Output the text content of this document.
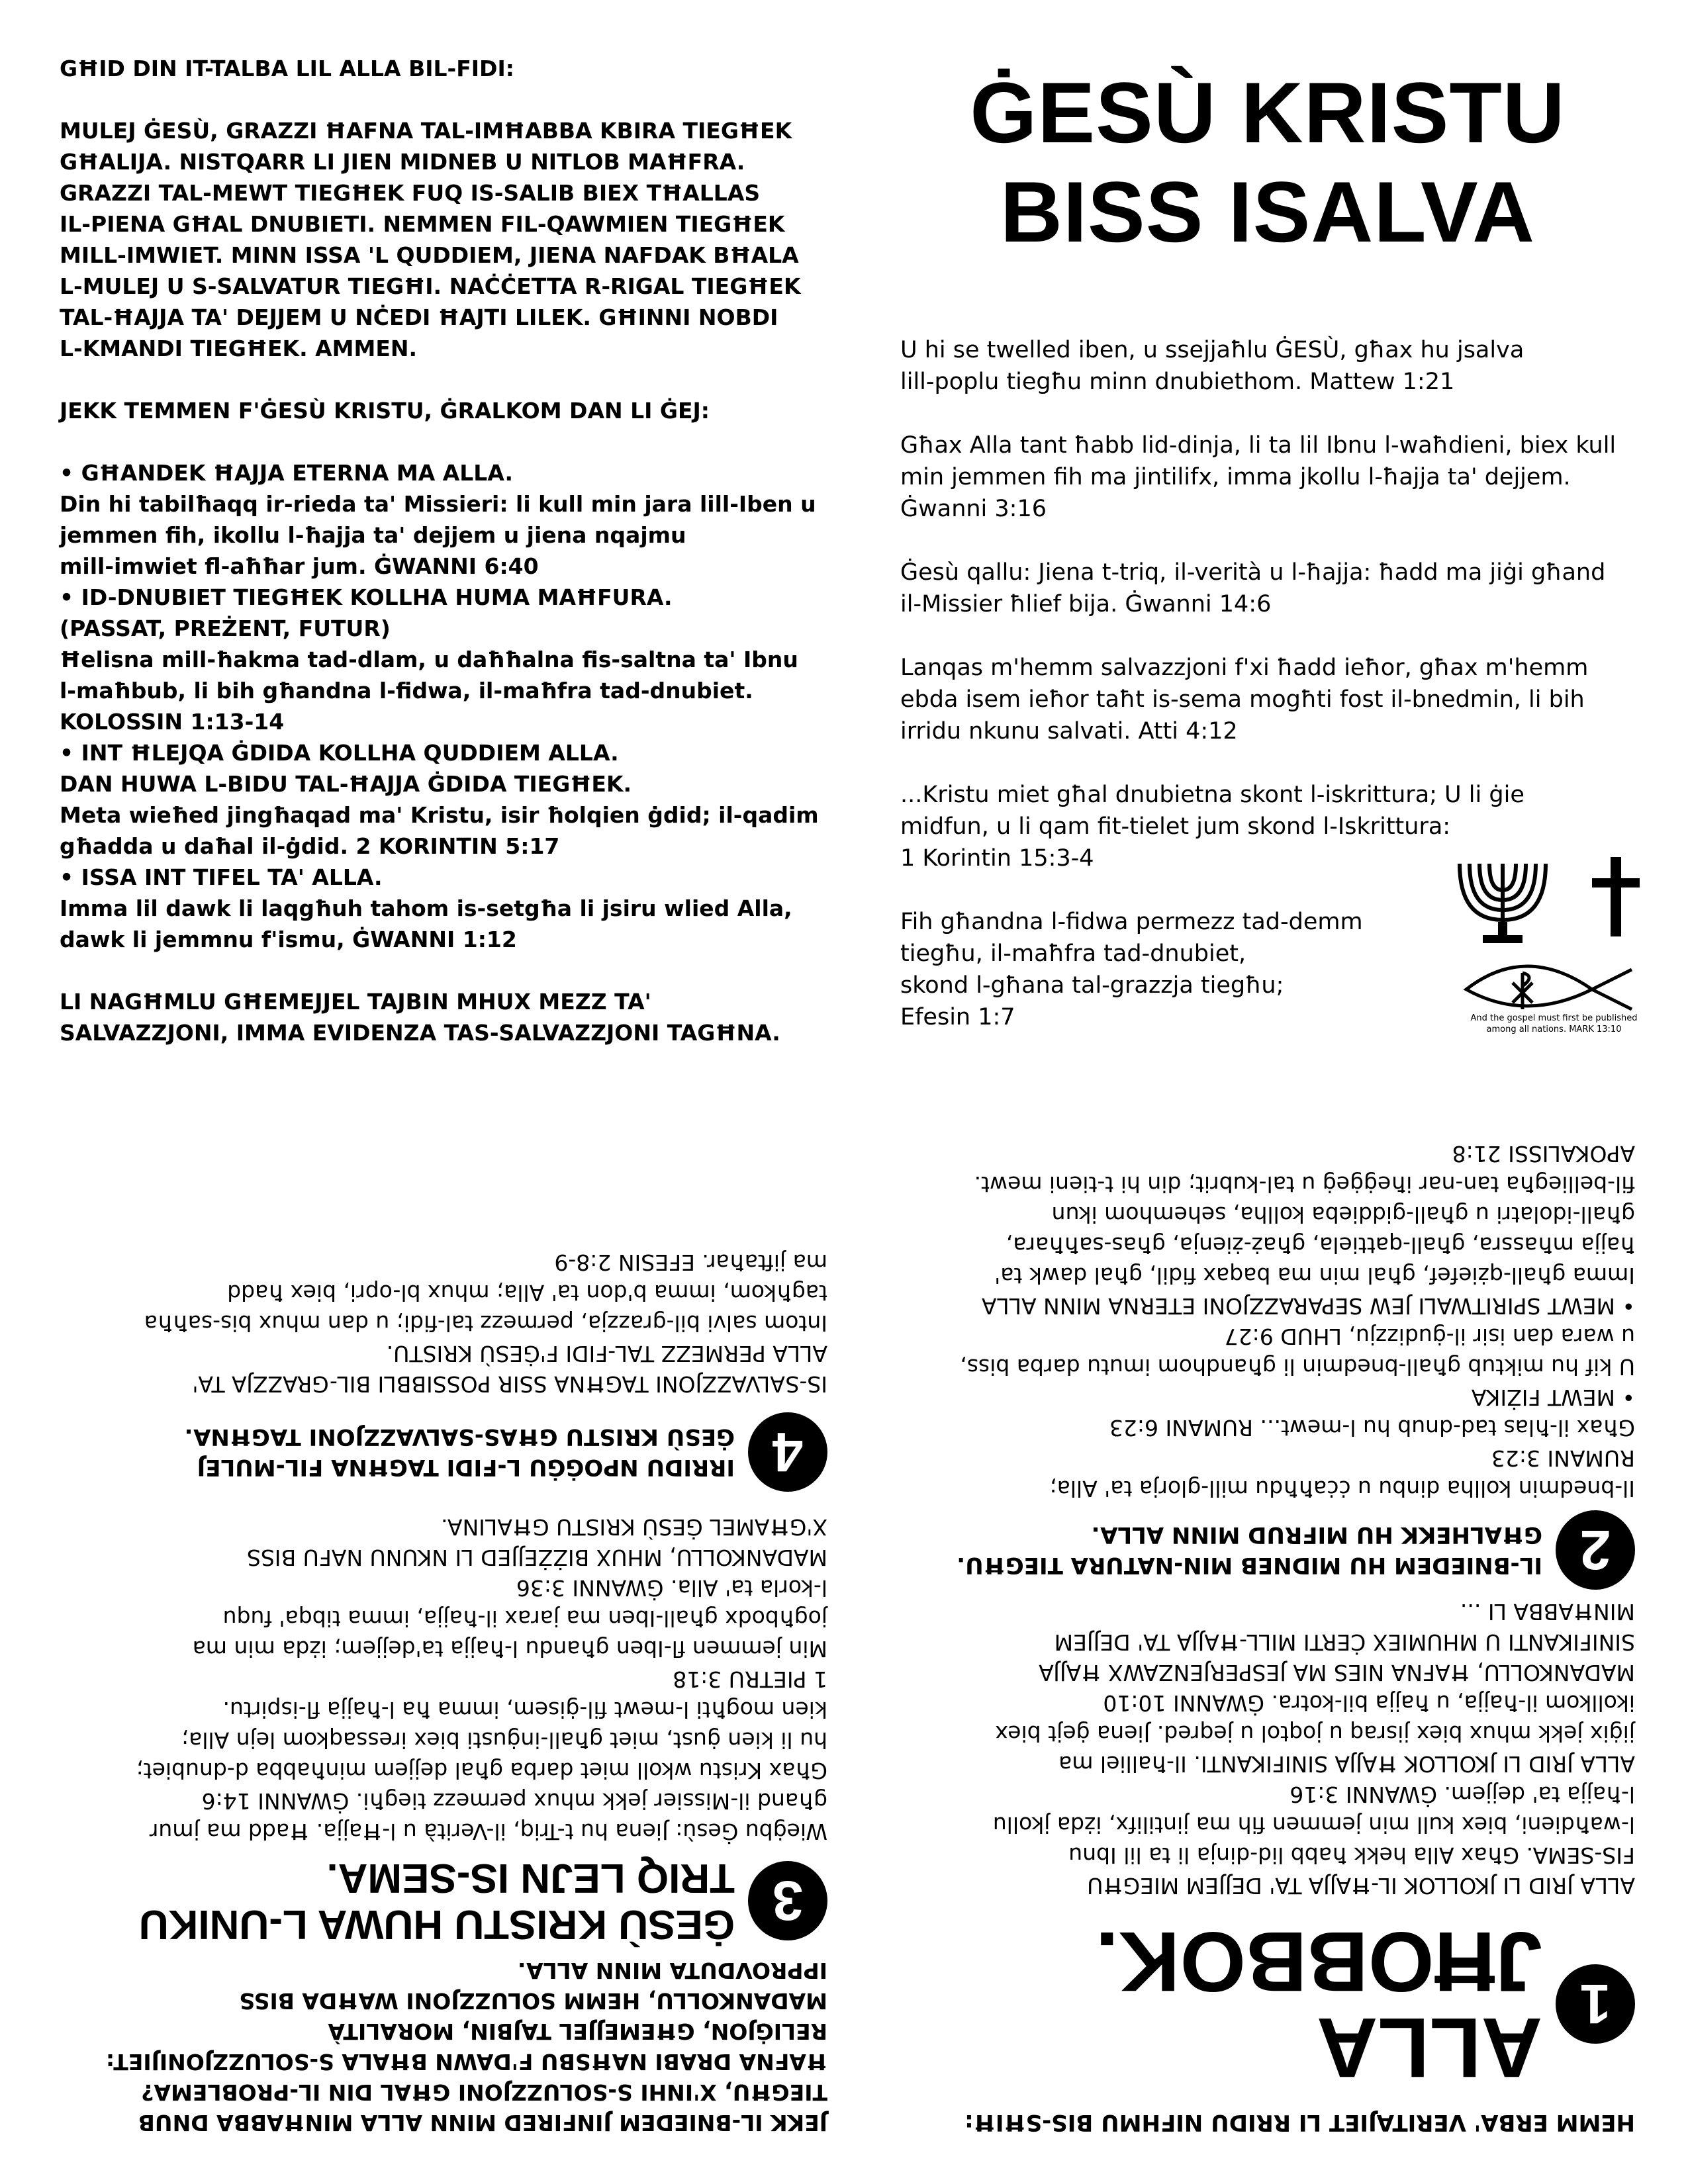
GĦID DIN IT-TALBA LIL ALLA BIL-FIDI:

MULEJ ĠESÙ, GRAZZI ĦAFNA TAL-IMĦABBA KBIRA TIEGĦEK
GĦALIJA. NISTQARR LI JIEN MIDNEB U NITLOB MAĦFRA.
GRAZZI TAL-MEWT TIEGĦEK FUQ IS-SALIB BIEX TĦALLAS
IL-PIENA GĦAL DNUBIETI. NEMMEN FIL-QAWMIEN TIEGĦEK
MILL-IMWIET. MINN ISSA 'L QUDDIEM, JIENA NAFDAK BĦALA
L-MULEJ U S-SALVATUR TIEGĦI. NAĊĊETTA R-RIGAL TIEGĦEK
TAL-ĦAJJA TA' DEJJEM U NĊEDI ĦAJTI LILEK. GĦINNI NOBDI
L-KMANDI TIEGĦEK. AMMEN.

JEKK TEMMEN F'ĠESÙ KRISTU, ĠRALKOM DAN LI ĠEJ:

• GĦANDEK ĦAJJA ETERNA MA ALLA.
Din hi tabilħaqq ir-rieda ta' Missieri: li kull min jara lill-Iben u
jemmen fih, ikollu l-ħajja ta' dejjem u jiena nqajmu
mill-imwiet fl-aħħar jum. ĠWANNI 6:40
• ID-DNUBIET TIEGĦEK KOLLHA HUMA MAĦFURA.
(PASSAT, PREŻENT, FUTUR)
Ħelisna mill-ħakma tad-dlam, u daħħalna fis-saltna ta' Ibnu
l-maħbub, li bih għandna l-fidwa, il-maħfra tad-dnubiet.
KOLOSSIN 1:13-14
• INT ĦLEJQA ĠDIDA KOLLHA QUDDIEM ALLA.
DAN HUWA L-BIDU TAL-ĦAJJA ĠDIDA TIEGĦEK.
Meta wieħed jingħaqad ma' Kristu, isir ħolqien ġdid; il-qadim
għadda u daħal il-ġdid. 2 KORINTIN 5:17
• ISSA INT TIFEL TA' ALLA.
Imma lil dawk li laqgħuh tahom is-setgħa li jsiru wlied Alla,
dawk li jemmnu f'ismu, ĠWANNI 1:12

LI NAGĦMLU GĦEMEJJEL TAJBIN MHUX MEZZ TA'
SALVAZZJONI, IMMA EVIDENZA TAS-SALVAZZJONI TAGĦNA.

ĠESÙ KRISTU
BISS ISALVA

U hi se twelled iben, u ssejjaħlu ĠESÙ, għax hu jsalva
lill-poplu tiegħu minn dnubiethom. Mattew 1:21

Għax Alla tant ħabb lid-dinja, li ta lil Ibnu l-waħdieni, biex kull
min jemmen fih ma jintilifx, imma jkollu l-ħajja ta' dejjem.
Ġwanni 3:16

Ġesù qallu: Jiena t-triq, il-verità u l-ħajja: ħadd ma jiġi għand
il-Missier ħlief bija. Ġwanni 14:6

Lanqas m'hemm salvazzjoni f'xi ħadd ieħor, għax m'hemm
ebda isem ieħor taħt is-sema mogħti fost il-bnedmin, li bih
irridu nkunu salvati. Atti 4:12

...Kristu miet għal dnubietna skont l-iskrittura; U li ġie
midfun, u li qam fit-tielet jum skond l-Iskrittura:
1 Korintin 15:3-4

Fih għandna l-fidwa permezz tad-demm
tiegħu, il-maħfra tad-dnubiet,
skond l-għana tal-grazzja tiegħu;
Efesin 1:7	And the gospel must first be published
among all nations. MARK 13:10

HEMM ERBA' VERITAJIET LI RRIDU NIFHMU BIS-SĦIĦ:

1
ALLA JĦOBBOK.

ALLA JRID LI JKOLLOK IL-ĦAJJA TA' DEJJEM MIEGĦU
FIS-SEMA. Għax Alla hekk ħabb lid-dinja li ta lil Ibnu
l-waħdieni, biex kull min jemmen fih ma jintilifx, iżda jkollu
l-ħajja ta' dejjem. ĠWANNI 3:16
ALLA JRID LI JKOLLOK ĦAJJA SINIFIKANTI. Il-ħalliel ma
jiġix jekk mhux biex jisraq u joqtol u jeqred. Jiena ġejt biex
ikollkom il-ħajja, u ħajja bil-kotra. ĠWANNI 10:10
MADANKOLLU, ĦAFNA NIES MA JESPERJENZAWX ĦAJJA
SINIFIKANTI U MHUMIEX ĊERTI MILL-ĦAJJA TA' DEJJEM
MINĦABBA LI ...

2
IL-BNIEDEM HU MIDNEB MIN-NATURA TIEGĦU.
GĦALHEKK HU MIFRUD MINN ALLA.

Il-bnedmin kollha dinbu u ċċaħħdu mill-glorja ta' Alla;
RUMANI 3:23
Għax il-ħlas tad-dnub hu l-mewt... RUMANI 6:23
• MEWT FIŻIKA
U kif hu miktub għall-bnedmin li għandhom imutu darba biss,
u wara dan isir il-ġudizzju, LHUD 9:27
• MEWT SPIRITWALI JEW SEPARAZZJONI ETERNA MINN ALLA
Imma għall-qżiefef, għal min ma baqax fidil, għal dawk ta'
ħajja mħassra, għall-qattiela, għaż-żienja, għas-saħħara,
għall-idolatri u għall-giddieba kollha, sehemhom ikun
fil-belliegħa tan-nar iħeġġeġ u tal-kubrit; din hi t-tieni mewt.
APOKALISSI 21:8

JEKK IL-BNIEDEM JINFIRED MINN ALLA MINĦABBA DNUB
TIEGĦU, X'INHI S-SOLUZZJONI GĦAL DIN IL-PROBLEMA?
ĦAFNA DRABI NAĦSBU F'DAWN BĦALA S-SOLUZZJONIJIET:
RELIĠJON, GĦEMEJJEL TAJBIN, MORALITÀ
MADANKOLLU, HEMM SOLUZZJONI WAĦDA BISS
IPPROVDUTA MINN ALLA.

3
ĠESÙ KRISTU HUWA L-UNIKU
TRIQ LEJN IS-SEMA.

Wieġbu Ġesù: Jiena hu t-Triq, il-Verità u l-Ħajja. Ħadd ma jmur
għand il-Missier jekk mhux permezz tiegħi. ĠWANNI 14:6
Għax Kristu wkoll miet darba għal dejjem minħabba d-dnubiet;
hu li kien ġust, miet għall-inġusti biex iressaqkom lejn Alla;
kien mogħti l-mewt fil-ġisem, imma ħa l-ħajja fl-ispirtu.
1 PIETRU 3:18
Min jemmen fl-Iben għandu l-ħajja ta'dejjem; iżda min ma
jogħbodx għall-Iben ma jarax il-ħajja, imma tibqa' fuqu
l-korla ta' Alla. ĠWANNI 3:36
MADANKOLLU, MHUX BIŻŻEJJED LI NKUNU NAFU BISS
X'GĦAMEL ĠESÙ KRISTU GĦALINA.

4
IRRIDU NPOĠĠU L-FIDI TAGĦNA FIL-MULEJ
ĠESÙ KRISTU GĦAS-SALVAZZJONI TAGĦNA.

IS-SALVAZZJONI TAGĦNA SSIR POSSIBBLI BIL-GRAZZJA TA'
ALLA PERMEZZ TAL-FIDI F'ĠESÙ KRISTU.
Intom salvi bil-grazzja, permezz tal-fidi; u dan mhux bis-saħħa
tagħkom, imma b'don ta' Alla; mhux bl-opri, biex ħadd
ma jiftaħar. EFESIN 2:8-9
